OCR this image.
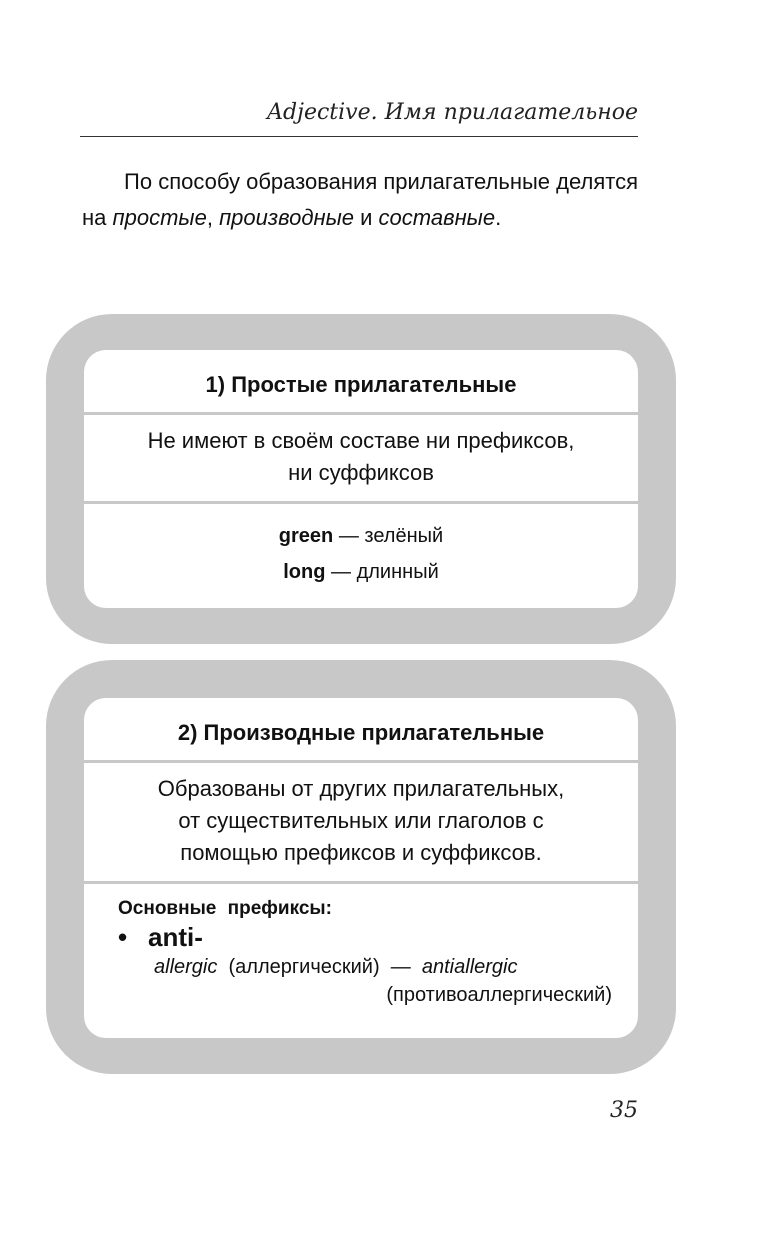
Adjective. Имя прилагательное
По способу образования прилагательные делятся на простые, производные и составные.
1) Простые прилагательные
Не имеют в своём составе ни префиксов,
ни суффиксов
green — зелёный
long — длинный
2) Производные прилагательные
Образованы от других прилагательных,
от существительных или глаголов с
помощью префиксов и суффиксов.
Основные префиксы:
• anti-
allergic (аллергический) — antiallergic
(противоаллергический)
35
